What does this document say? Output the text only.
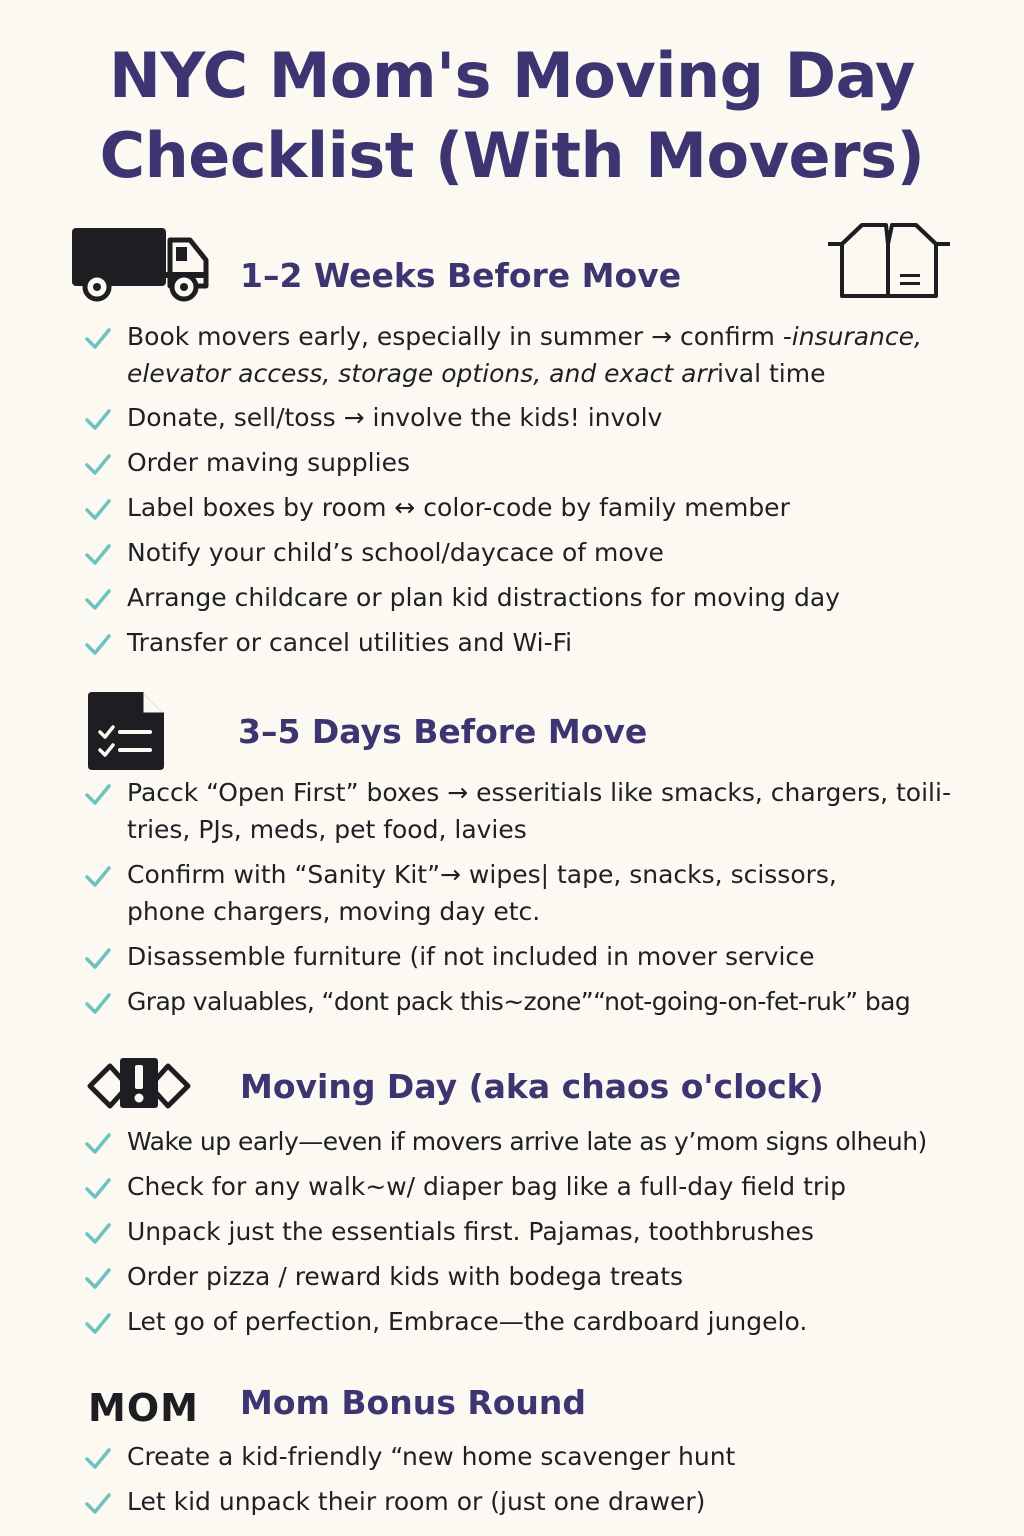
NYC Mom's Moving Day
Checklist (With Movers)
1–2 Weeks Before Move
Book movers early, especially in summer → confirm -insurance,
elevator access, storage options, and exact arrival time
Donate, sell/toss → involve the kids! involv
Order maving supplies
Label boxes by room ↔ color-code by family member
Notify your child’s school/daycace of move
Arrange childcare or plan kid distractions for moving day
Transfer or cancel utilities and Wi-Fi
3–5 Days Before Move
Pacck “Open First” boxes → esseritials like smacks, chargers, toili-
tries, PJs, meds, pet food, lavies
Confirm with “Sanity Kit”→ wipes| tape, snacks, scissors,
phone chargers, moving day etc.
Disassemble furniture (if not included in mover service
Grap valuables, “dont pack this~zone”“not-going-on-fet-ruk” bag
Moving Day (aka chaos o'clock)
Wake up early—even if movers arrive late as y’mom signs olheuh)
Check for any walk~w/ diaper bag like a full-day field trip
Unpack just the essentials first. Pajamas, toothbrushes
Order pizza / reward kids with bodega treats
Let go of perfection, Embrace—the cardboard jungelo.
MOM Mom Bonus Round
Create a kid-friendly “new home scavenger hunt
Let kid unpack their room or (just one drawer)
